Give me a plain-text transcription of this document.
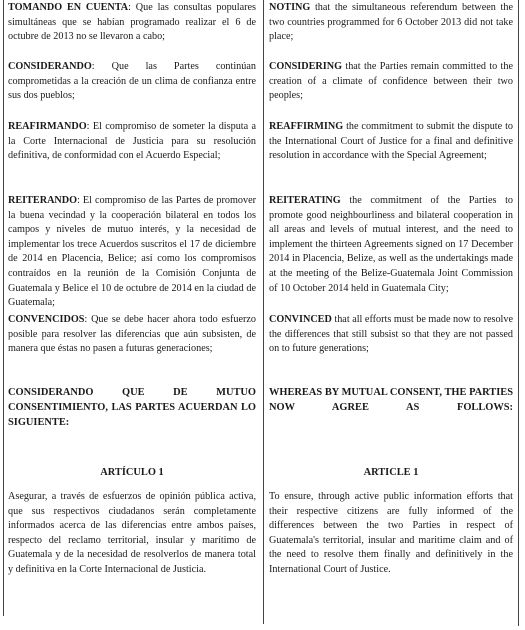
TOMANDO EN CUENTA: Que las consultas populares simultáneas que se habían programado realizar el 6 de octubre de 2013 no se llevaron a cabo;

CONSIDERANDO: Que las Partes continúan comprometidas a la creación de un clima de confianza entre sus dos pueblos;

REAFIRMANDO: El compromiso de someter la disputa a la Corte Internacional de Justicia para su resolución definitiva, de conformidad con el Acuerdo Especial;

REITERANDO: El compromiso de las Partes de promover la buena vecindad y la cooperación bilateral en todos los campos y niveles de mutuo interés, y la necesidad de implementar los trece Acuerdos suscritos el 17 de diciembre de 2014 en Placencia, Belice; así como los compromisos contraídos en la reunión de la Comisión Conjunta de Guatemala y Belice el 10 de octubre de 2014 en la ciudad de Guatemala;

CONVENCIDOS: Que se debe hacer ahora todo esfuerzo posible para resolver las diferencias que aún subsisten, de manera que éstas no pasen a futuras generaciones;

CONSIDERANDO QUE DE MUTUO CONSENTIMIENTO, LAS PARTES ACUERDAN LO SIGUIENTE:

ARTÍCULO 1

Asegurar, a través de esfuerzos de opinión pública activa, que sus respectivos ciudadanos serán completamente informados acerca de las diferencias entre ambos países, respecto del reclamo territorial, insular y marítimo de Guatemala y de la necesidad de resolverlos de manera total y definitiva en la Corte Internacional de Justicia.

NOTING that the simultaneous referendum between the two countries programmed for 6 October 2013 did not take place;

CONSIDERING that the Parties remain committed to the creation of a climate of confidence between their two peoples;

REAFFIRMING the commitment to submit the dispute to the International Court of Justice for a final and definitive resolution in accordance with the Special Agreement;

REITERATING the commitment of the Parties to promote good neighbourliness and bilateral cooperation in all areas and levels of mutual interest, and the need to implement the thirteen Agreements signed on 17 December 2014 in Placencia, Belize, as well as the undertakings made at the meeting of the Belize-Guatemala Joint Commission of 10 October 2014 held in Guatemala City;

CONVINCED that all efforts must be made now to resolve the differences that still subsist so that they are not passed on to future generations;

WHEREAS BY MUTUAL CONSENT, THE PARTIES NOW AGREE AS FOLLOWS:

ARTICLE 1

To ensure, through active public information efforts that their respective citizens are fully informed of the differences between the two Parties in respect of Guatemala's territorial, insular and maritime claim and of the need to resolve them finally and definitively in the International Court of Justice.
